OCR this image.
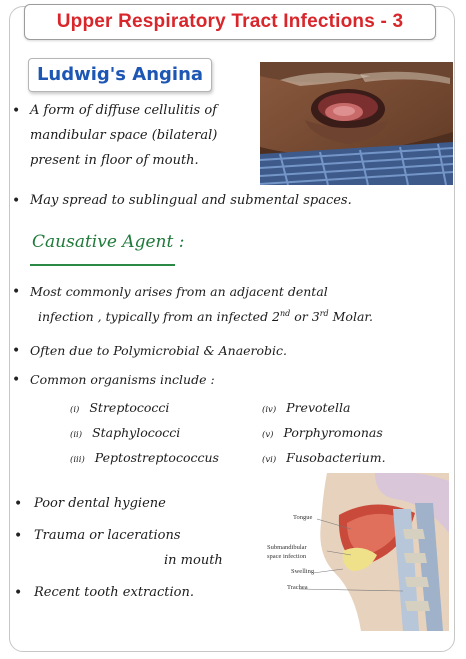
Upper Respiratory Tract Infections - 3
Ludwig's Angina
• A form of diffuse cellulitis of
mandibular space (bilateral)
present in floor of mouth.
• May spread to sublingual and submental spaces.
Causative Agent :
• Most commonly arises from an adjacent dental
infection , typically from an infected 2nd or 3rd Molar.
• Often due to Polymicrobial & Anaerobic.
• Common organisms include :
(i) Streptococci
(ii) Staphylococci
(iii) Peptostreptococcus
(iv) Prevotella
(v) Porphyromonas
(vi) Fusobacterium.
• Poor dental hygiene
• Trauma or lacerations
in mouth
• Recent tooth extraction.
Tongue
Submandibular
space infection
Swelling
Trachea
